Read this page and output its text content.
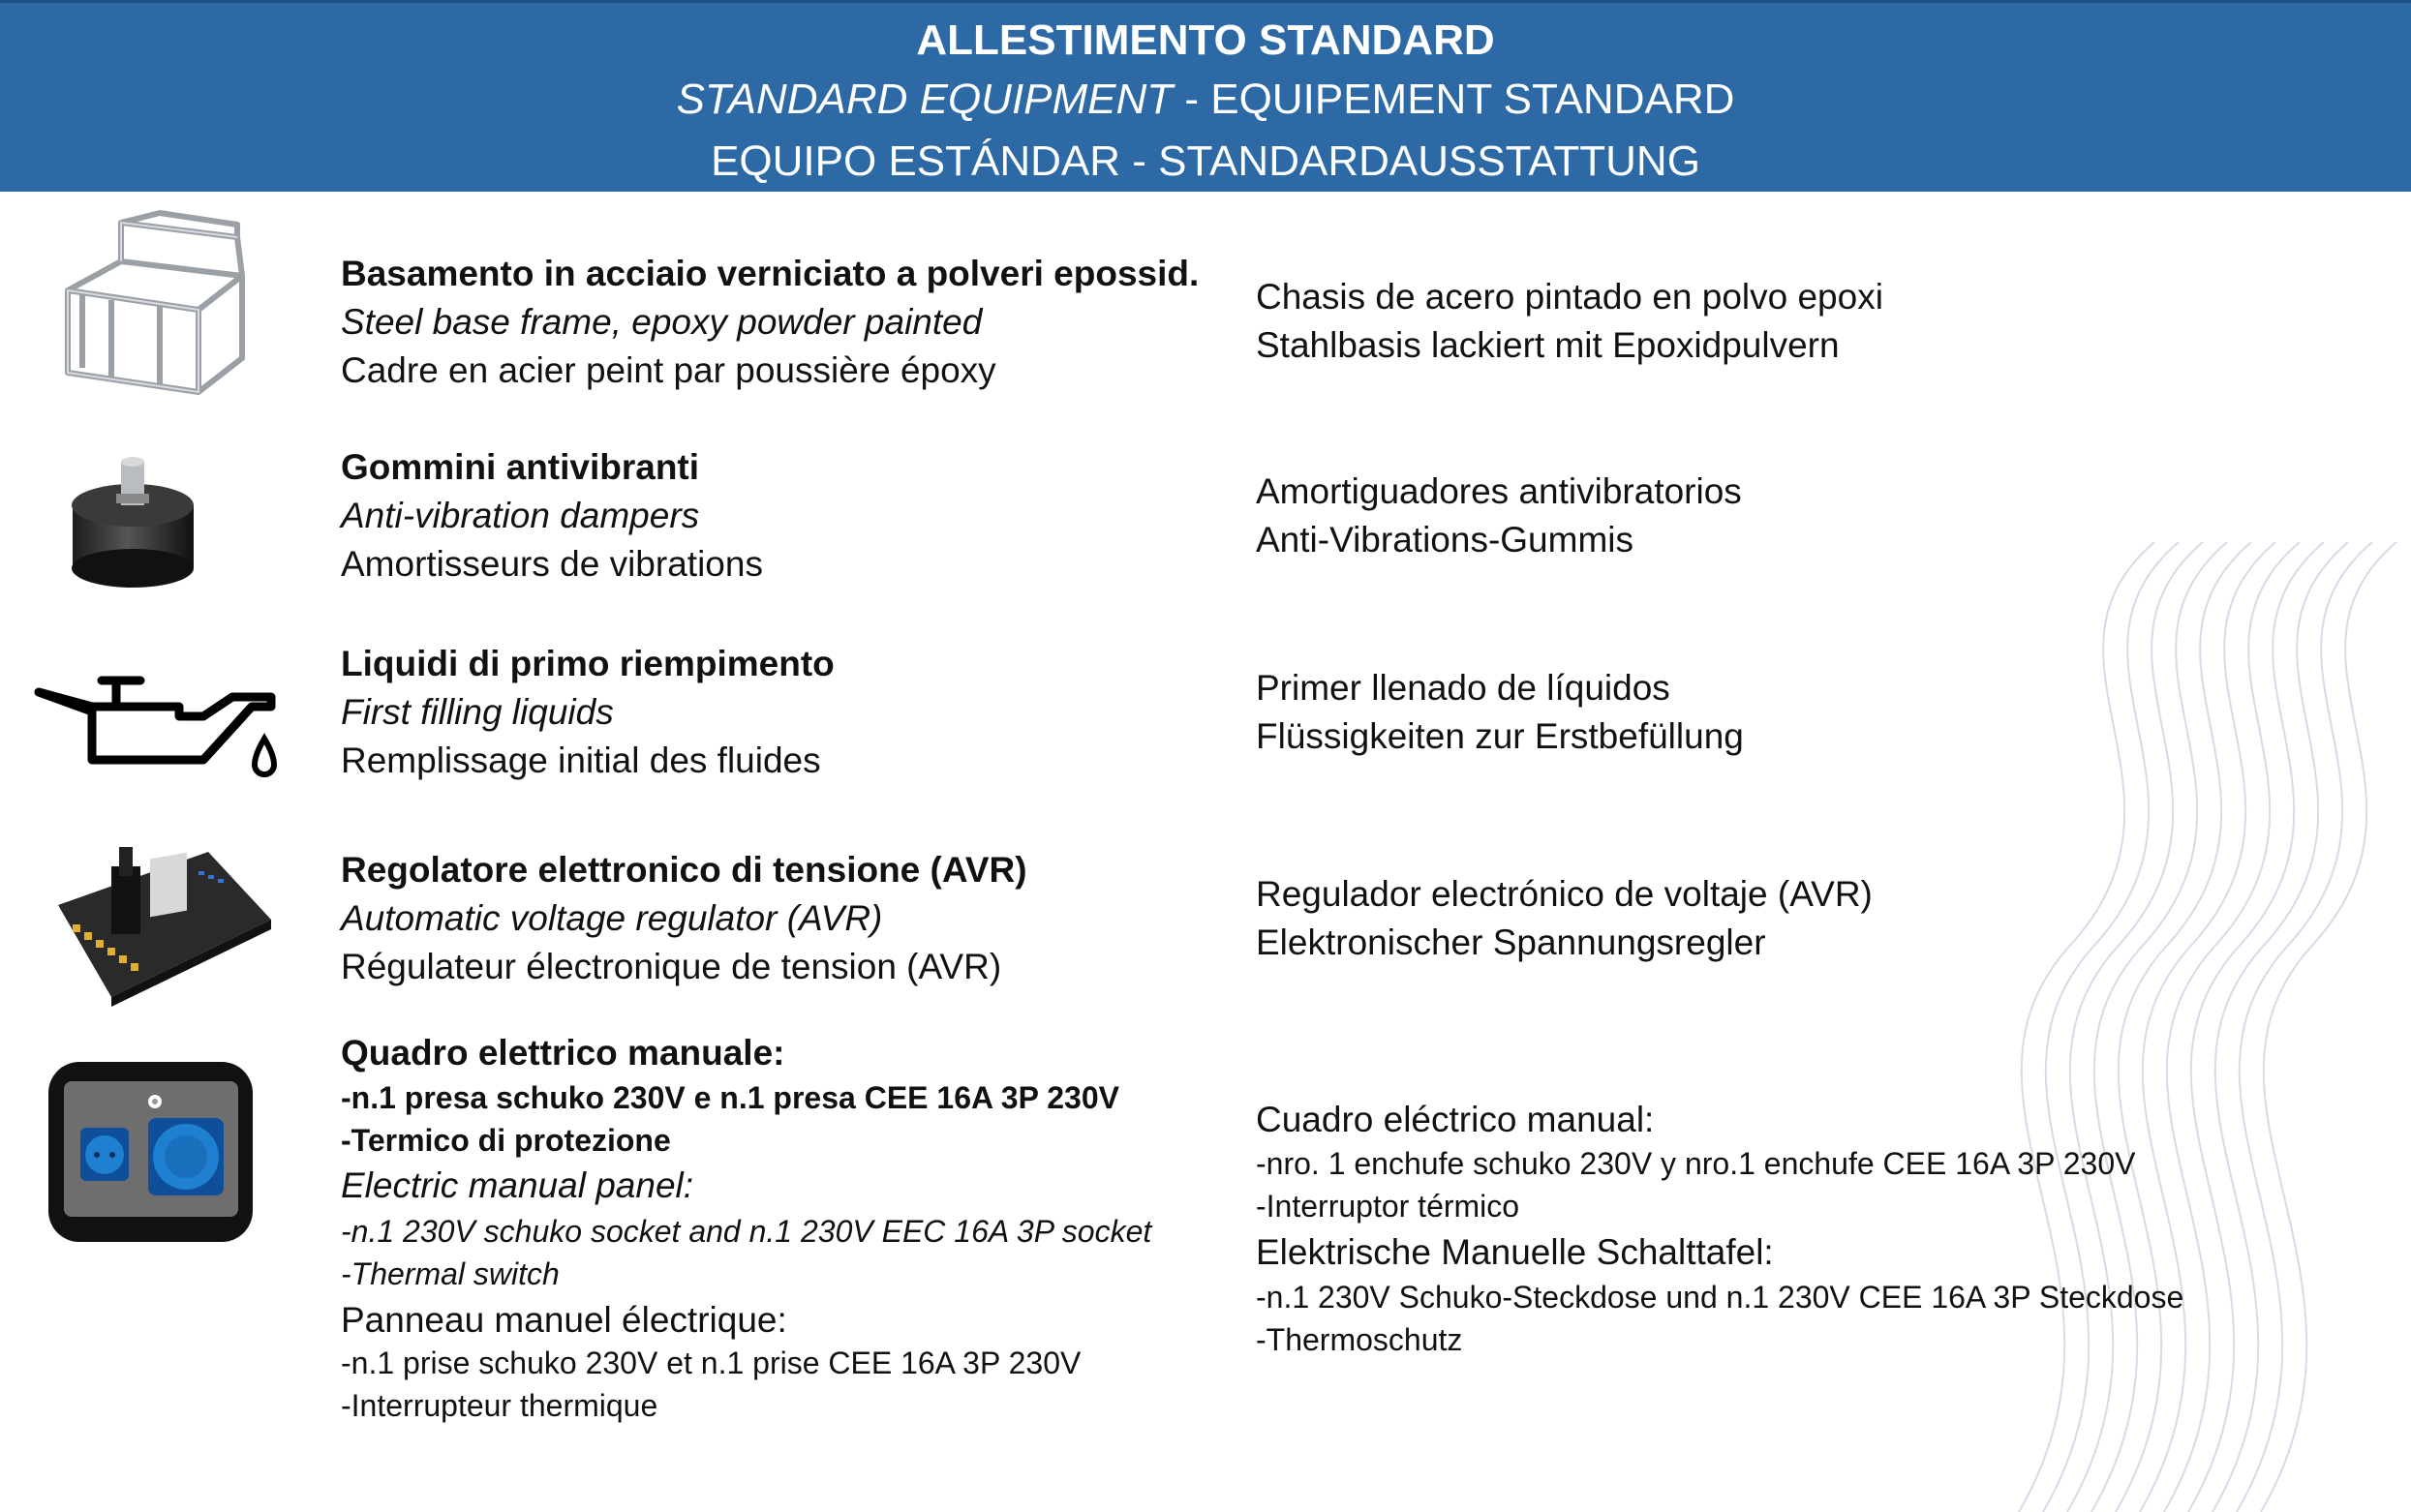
ALLESTIMENTO STANDARD
STANDARD EQUIPMENT - EQUIPEMENT STANDARD
EQUIPO ESTÁNDAR - STANDARDAUSSTATTUNG
Basamento in acciaio verniciato a polveri epossid.
Steel base frame, epoxy powder painted
Cadre en acier peint par poussière époxy
Chasis de acero pintado en polvo epoxi
Stahlbasis lackiert mit Epoxidpulvern
Gommini antivibranti
Anti-vibration dampers
Amortisseurs de vibrations
Amortiguadores antivibratorios
Anti-Vibrations-Gummis
Liquidi di primo riempimento
First filling liquids
Remplissage initial des fluides
Primer llenado de líquidos
Flüssigkeiten zur Erstbefüllung
Regolatore elettronico di tensione (AVR)
Automatic voltage regulator (AVR)
Régulateur électronique de tension (AVR)
Regulador electrónico de voltaje (AVR)
Elektronischer Spannungsregler
Quadro elettrico manuale:
-n.1 presa schuko 230V e n.1 presa CEE 16A 3P 230V
-Termico di protezione
Electric manual panel:
-n.1 230V schuko socket and n.1 230V EEC 16A 3P socket
-Thermal switch
Panneau manuel électrique:
-n.1 prise schuko 230V et n.1 prise CEE 16A 3P 230V
-Interrupteur thermique
Cuadro eléctrico manual:
-nro. 1 enchufe schuko 230V y nro.1 enchufe CEE 16A 3P 230V
-Interruptor térmico
Elektrische Manuelle Schalttafel:
-n.1 230V Schuko-Steckdose und n.1 230V CEE 16A 3P Steckdose
-Thermoschutz
